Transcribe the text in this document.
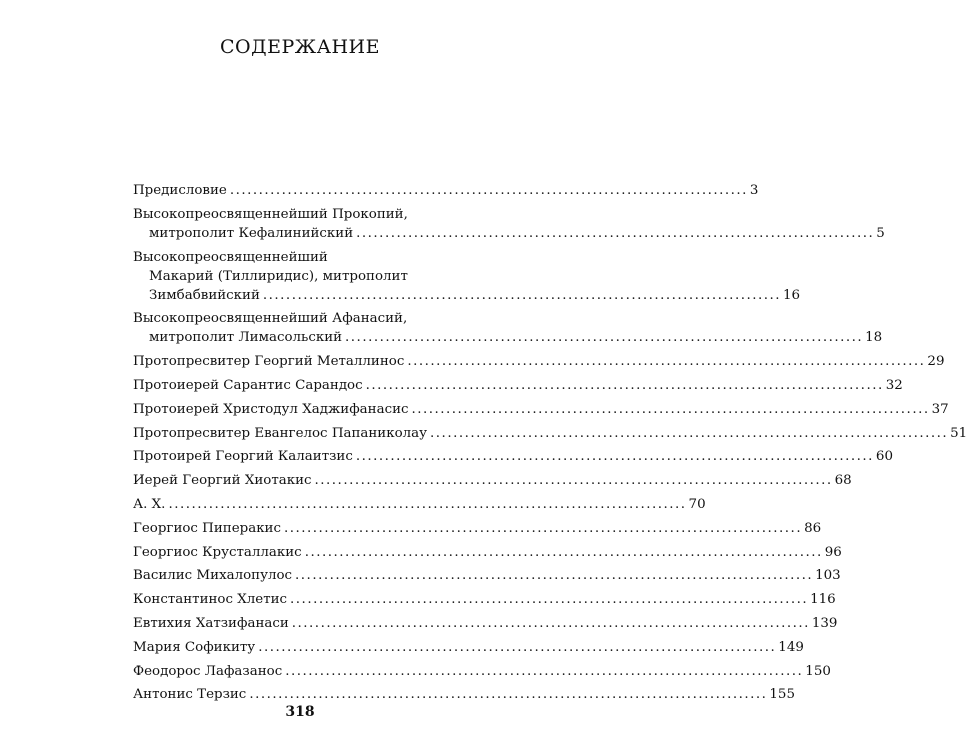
СОДЕРЖАНИЕ
Предисловие .......................................................................................... 3
Высокопреосвященнейший Прокопий,
митрополит Кефалинийский .......................................................................................... 5
Высокопреосвященнейший
Макарий (Тиллиридис), митрополит
Зимбабвийский .......................................................................................... 16
Высокопреосвященнейший Афанасий,
митрополит Лимасольский .......................................................................................... 18
Протопресвитер Георгий Металлинос .......................................................................................... 29
Протоиерей Сарантис Сарандос .......................................................................................... 32
Протоиерей Христодул Хаджифанасис .......................................................................................... 37
Протопресвитер Евангелос Папаниколау .......................................................................................... 51
Протоирей Георгий Калаитзис .......................................................................................... 60
Иерей Георгий Хиотакис .......................................................................................... 68
А. Х. .......................................................................................... 70
Георгиос Пиперакис .......................................................................................... 86
Георгиос Крусталлакис .......................................................................................... 96
Василис Михалопулос .......................................................................................... 103
Константинос Хлетис .......................................................................................... 116
Евтихия Хатзифанаси .......................................................................................... 139
Мария Софикиту .......................................................................................... 149
Феодорос Лафазанос .......................................................................................... 150
Антонис Терзис .......................................................................................... 155
318
